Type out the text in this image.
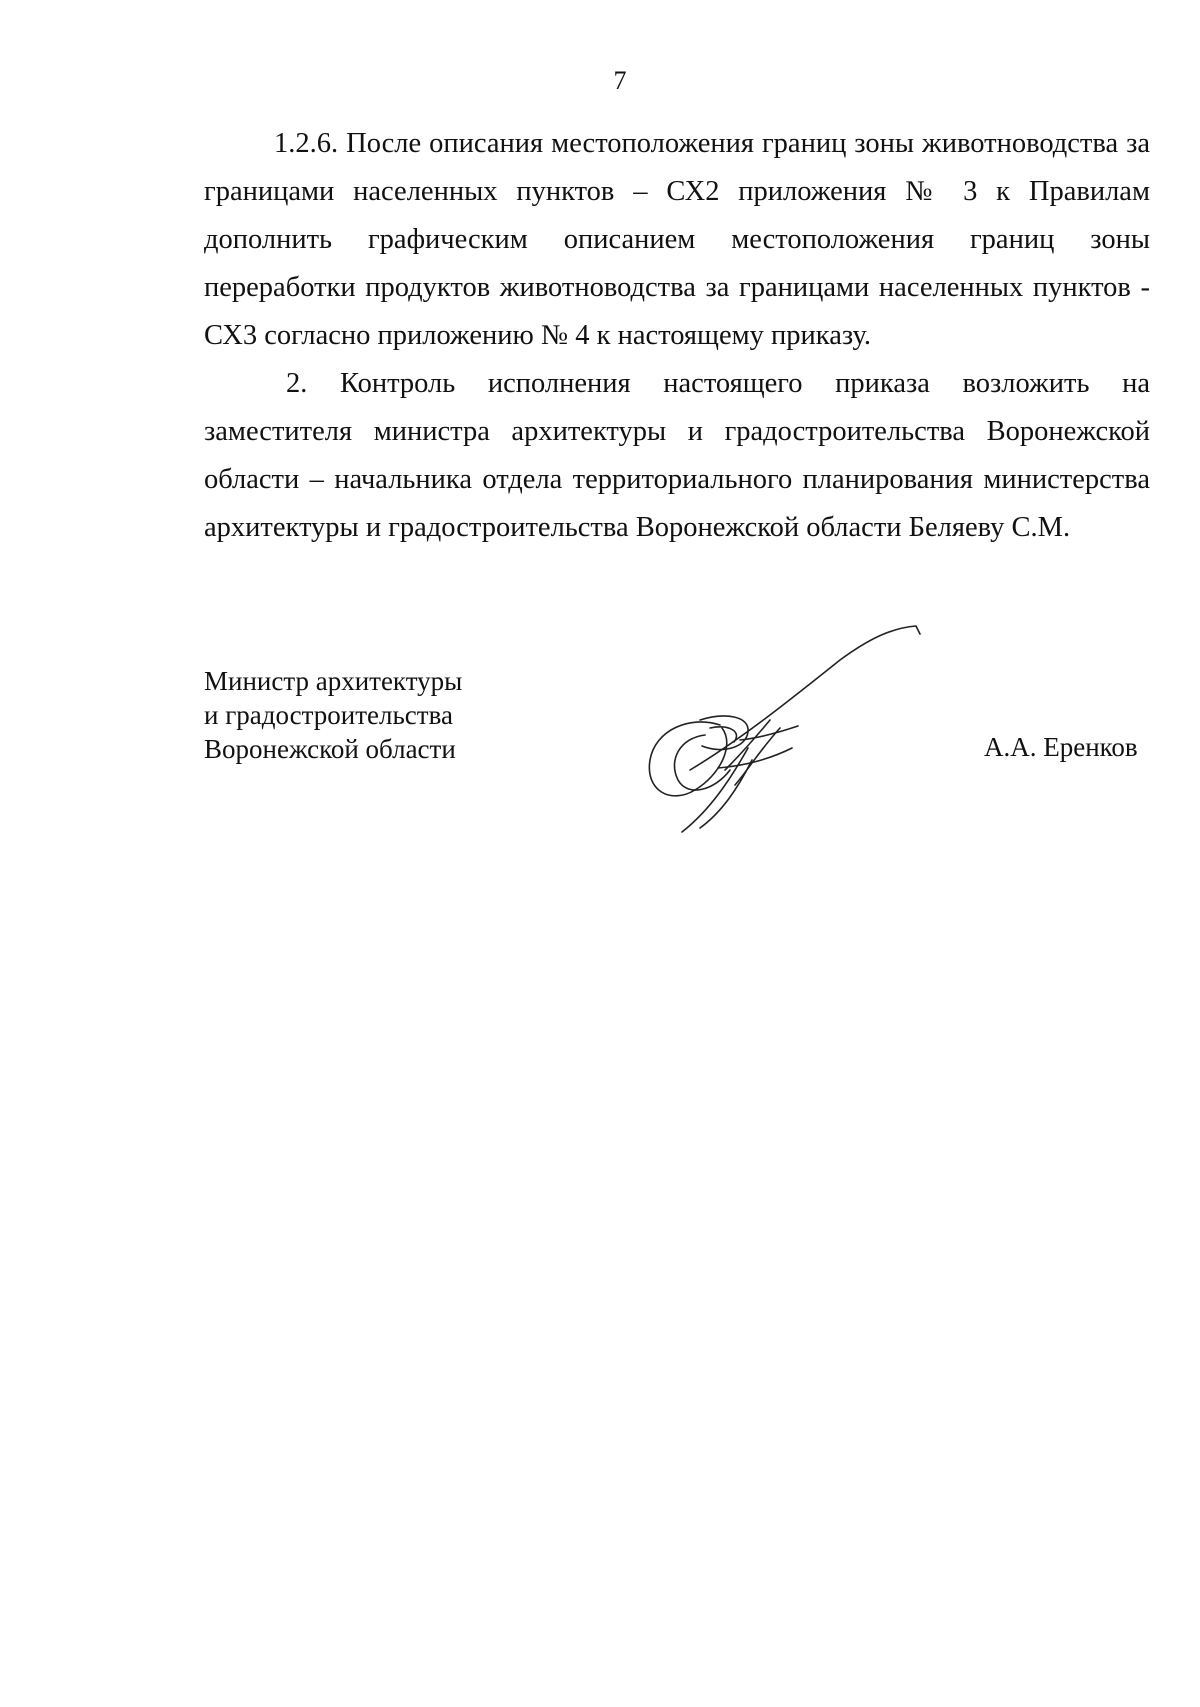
7

1.2.6. После описания местоположения границ зоны животноводства за границами населенных пунктов – СХ2 приложения № 3 к Правилам дополнить графическим описанием местоположения границ зоны переработки продуктов животноводства за границами населенных пунктов - СХ3 согласно приложению № 4 к настоящему приказу.

2. Контроль исполнения настоящего приказа возложить на заместителя министра архитектуры и градостроительства Воронежской области – начальника отдела территориального планирования министерства архитектуры и градостроительства Воронежской области Беляеву С.М.

Министр архитектуры
и градостроительства
Воронежской области	А.А. Еренков
